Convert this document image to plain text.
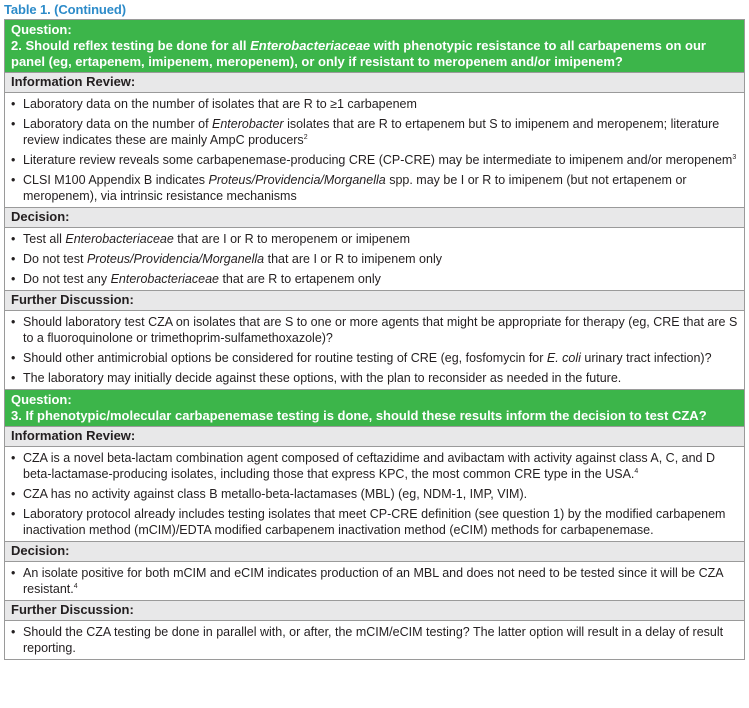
Table 1. (Continued)
Question:
2. Should reflex testing be done for all Enterobacteriaceae with phenotypic resistance to all carbapenems on our panel (eg, ertapenem, imipenem, meropenem), or only if resistant to meropenem and/or imipenem?

Information Review:

• Laboratory data on the number of isolates that are R to ≥1 carbapenem
• Laboratory data on the number of Enterobacter isolates that are R to ertapenem but S to imipenem and meropenem; literature review indicates these are mainly AmpC producers$^2$
• Literature review reveals some carbapenemase-producing CRE (CP-CRE) may be intermediate to imipenem and/or meropenem$^3$
• CLSI M100 Appendix B indicates Proteus/Providencia/Morganella spp. may be I or R to imipenem (but not ertapenem or meropenem), via intrinsic resistance mechanisms

Decision:

• Test all Enterobacteriaceae that are I or R to meropenem or imipenem
• Do not test Proteus/Providencia/Morganella that are I or R to imipenem only
• Do not test any Enterobacteriaceae that are R to ertapenem only

Further Discussion:

• Should laboratory test CZA on isolates that are S to one or more agents that might be appropriate for therapy (eg, CRE that are S to a fluoroquinolone or trimethoprim-sulfamethoxazole)?
• Should other antimicrobial options be considered for routine testing of CRE (eg, fosfomycin for E. coli urinary tract infection)?
• The laboratory may initially decide against these options, with the plan to reconsider as needed in the future.

Question:
3. If phenotypic/molecular carbapenemase testing is done, should these results inform the decision to test CZA?

Information Review:

• CZA is a novel beta-lactam combination agent composed of ceftazidime and avibactam with activity against class A, C, and D beta-lactamase-producing isolates, including those that express KPC, the most common CRE type in the USA.$^4$
• CZA has no activity against class B metallo-beta-lactamases (MBL) (eg, NDM-1, IMP, VIM).
• Laboratory protocol already includes testing isolates that meet CP-CRE definition (see question 1) by the modified carbapenem inactivation method (mCIM)/EDTA modified carbapenem inactivation method (eCIM) methods for carbapenemase.

Decision:

• An isolate positive for both mCIM and eCIM indicates production of an MBL and does not need to be tested since it will be CZA resistant.$^4$

Further Discussion:

• Should the CZA testing be done in parallel with, or after, the mCIM/eCIM testing? The latter option will result in a delay of result reporting.
